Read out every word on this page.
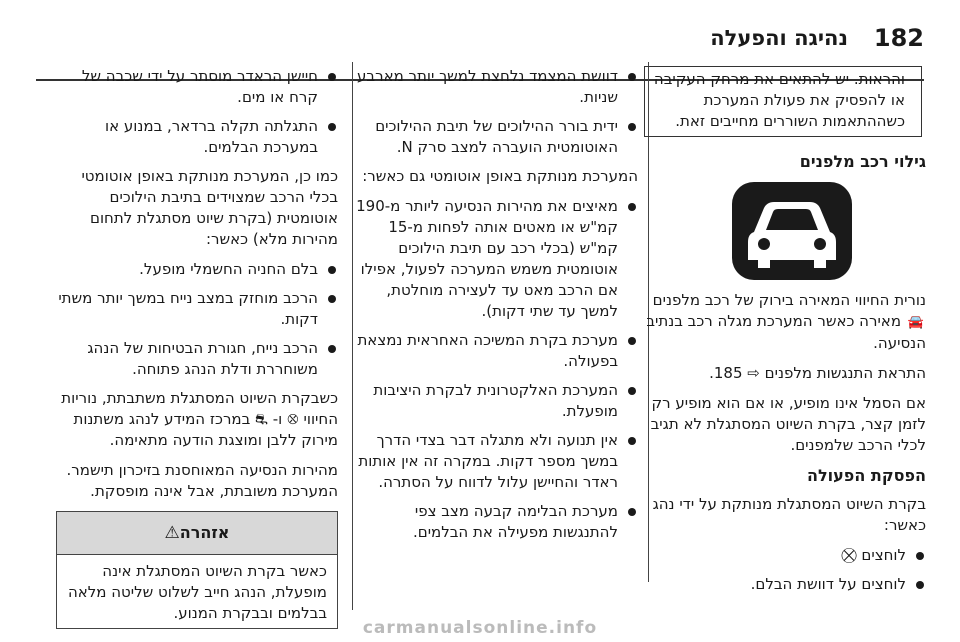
182
נהיגה והפעלה
והראות. יש להתאים את מרחק העקיבה או להפסיק את פעולת המערכת כשההתאמות השוררים מחייבים זאת.
גילוי רכב מלפנים

נורית החיווי המאירה בירוק של רכב מלפנים 🚘 מאירה כאשר המערכת מגלה רכב בנתיב הנסיעה.

התראת התנגשות מלפנים ⇨ 185.

אם הסמל אינו מופיע, או אם הוא מופיע רק לזמן קצר, בקרת השיוט המסתגלת לא תגיב לכלי הרכב שלמפנים.

הפסקת הפעולה

בקרת השיוט המסתגלת מנותקת על ידי נהג כאשר:

לוחצים ⛒
לוחצים על דוושת הבלם.
דוושת המצמד נלחצת למשך יותר מארבע שניות.
ידית בורר ההילוכים של תיבת ההילוכים האוטומטית הועברה למצב סרק N.

המערכת מנותקת באופן אוטומטי גם כאשר:

מאיצים את מהירות הנסיעה ליותר מ-190 קמ"ש או מאטים אותה לפחות מ-15 קמ"ש (בכלי רכב עם תיבת הילוכים אוטומטית משמש המערכה לפעול, אפילו אם הרכב מאט עד לעצירה מוחלטת, למשך עד שתי דקות).
מערכת בקרת המשיכה האחראית נמצאת בפעולה.
המערכת האלקטרונית לבקרת היציבות מופעלת.
אין תנועה ולא מתגלה דבר בצדי הדרך במשך מספר דקות. במקרה זה אין אותות ראדר והחיישן עלול לדווח על הסתרה.
מערכת הבלימה קבעה מצב צפי להתנגשות מפעילה את הבלמים.
חיישן הראדר מוסתר על ידי שכבה של קרח או מים.
התגלתה תקלה ברדאר, במנוע או במערכת הבלמים.

כמו כן, המערכת מנותקת באופן אוטומטי בכלי הרכב שמצוידים בתיבת הילוכים אוטומטית (בקרת שיוט מסתגלת לתחום מהירות מלא) כאשר:

בלם החניה החשמלי מופעל.
הרכב מוחזק במצב נייח במשך יותר משתי דקות.
הרכב נייח, חגורת הבטיחות של הנהג משוחררת ודלת הנהג פתוחה.

כשבקרת השיוט המסתגלת משתבתת, נוריות החיווי ⛒ ו- ⛐ במרכז המידע לנהג משתנות מירוק ללבן ומוצגת הודעה מתאימה.

מהירות הנסיעה המאוחסנת בזיכרון תישמר. המערכת משובתת, אבל אינה מופסקת.

אזהרה⚠
כאשר בקרת השיוט המסתגלת אינה מופעלת, הנהג חייב לשלוט שליטה מלאה בבלמים ובבקרת המנוע.
carmanualsonline.info
